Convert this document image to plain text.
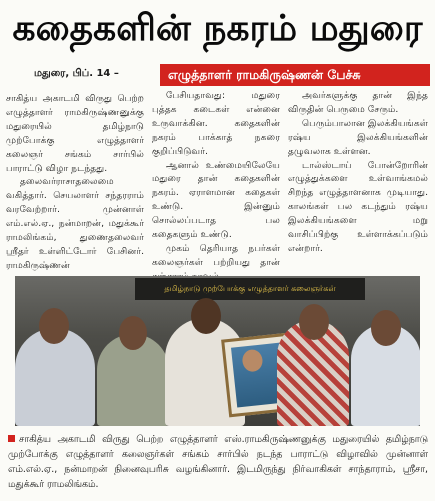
கதைகளின் நகரம் மதுரை
மதுரை, பிப். 14 –	எழுத்தாளர் ராமகிருஷ்ணன் பேச்சு

சாகித்ய அகாடமி விருது பெற்ற எழுத்தாளர் ராமகிருஷ்ணனுக்கு மதுரையில் தமிழ்நாடு முற்போக்கு எழுத்தாளர் கலைஞர் சங்கம் சார்பில் பாராட்டு விழா நடந்தது.

தலைவர்ராசாதலைமை வகித்தார். செயலாளர் சந்தரராம் வரவேற்றார். முன்னாள் எம்.எல்.ஏ., நன்மாறன், மதுக்கூர் ராமலிங்கம், துணைதலைவர் ஸ்ரீதர் உள்ளிட்டோர் பேசினர். ராமகிருஷ்ணன்

பேசியதாவது: மதுரை புத்தக கடைகள் என்னை உருவாக்கின. கதைகளின் நகரம் பாக்காத் நகரை குறிப்பிடுவர்.

ஆனால் உண்மையிலேயே மதுரை தான் கதைகளின் நகரம். ஏராளமான கதைகள் உண்டு. இன்னும் சொல்லப்படாத பல கதைகளும் உண்டு.

முகம் தெரியாத நபர்கள் கலைஞர்கள் பற்றியது தான்

அவர்களுக்கு தான் இந்த விருதின் பெருமை சேரும்.

பெரும்பாலான இலக்கியங்கள் ரஷ்ய இலக்கியங்களின் தழுவலாக உள்ளன.

டால்ஸ்டாய் போன்றோரின் எழுத்துக்களை உள்வாங்கமல் சிறந்த எழுத்தாளனாக முடியாது. காலங்கள் பல கடந்தும் ரஷ்ய இலக்கியங்களை மறு வாசிப்பிற்கு உள்ளாக்கப்படும் என்றார்.

தமிழ்நாடு முற்போக்கு எழுத்தாளர் கலைஞர்கள்
சாகித்ய அகாடமி விருது பெற்ற எழுத்தாளர் எஸ்.ராமகிருஷ்ணனுக்கு மதுரையில் தமிழ்நாடு முற்போக்கு எழுத்தாளர் கலைஞர்கள் சங்கம் சார்பில் நடந்த பாராட்டு விழாவில் முன்னாள் எம்.எல்.ஏ., நன்மாறன் நினைவுபரிசு வழங்கினார். இடமிருந்து நிர்வாகிகள் சாந்தாராம், ஸ்ரீசா, மதுக்கூர் ராமலிங்கம்.
